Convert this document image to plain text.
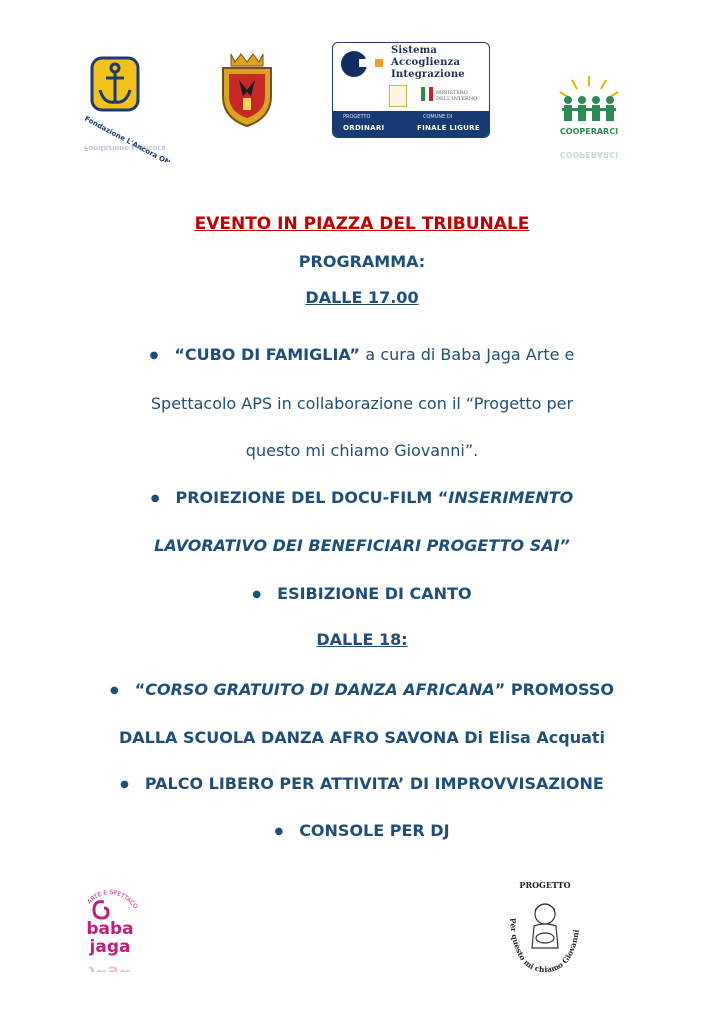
Fondazione L'Ancora
Fondazione L'Ancora
Sistema
Accoglienza
Integrazione
MINISTERO DELL'INTERNO
PROGETTO	COMUNE DI
ORDINARI	FINALE LIGURE	COOPERARCI
COOPERARCI
EVENTO IN PIAZZA DEL TRIBUNALE
PROGRAMMA:
DALLE 17.00
● “CUBO DI FAMIGLIA” a cura di Baba Jaga Arte e
Spettacolo APS in collaborazione con il “Progetto per
questo mi chiamo Giovanni”.
● PROIEZIONE DEL DOCU-FILM “INSERIMENTO
LAVORATIVO DEI BENEFICIARI PROGETTO SAI”
● ESIBIZIONE DI CANTO
DALLE 18:
● “CORSO GRATUITO DI DANZA AFRICANA” PROMOSSO
DALLA SCUOLA DANZA AFRO SAVONA Di Elisa Acquati
● PALCO LIBERO PER ATTIVITA’ DI IMPROVVISAZIONE
● CONSOLE PER DJ
ARTE E SPETTACO
baba
jaga
PROGETTO
Per questo mi chiamo Giovanni
